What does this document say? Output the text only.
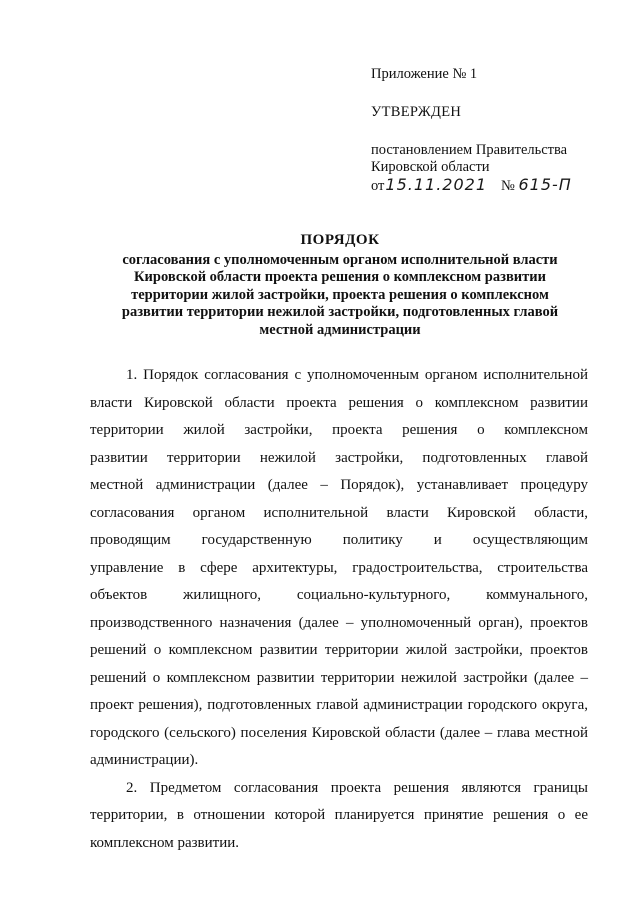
Приложение № 1

УТВЕРЖДЕН

постановлением Правительства
Кировской области
от15.11.2021 № 615-П

ПОРЯДОК
согласования с уполномоченным органом исполнительной власти
Кировской области проекта решения о комплексном развитии
территории жилой застройки, проекта решения о комплексном
развитии территории нежилой застройки, подготовленных главой
местной администрации
1. Порядок согласования с уполномоченным органом исполнительной
власти Кировской области проекта решения о комплексном развитии
территории жилой застройки, проекта решения о комплексном
развитии территории нежилой застройки, подготовленных главой
местной администрации (далее – Порядок), устанавливает процедуру
согласования органом исполнительной власти Кировской области,
проводящим государственную политику и осуществляющим
управление в сфере архитектуры, градостроительства, строительства
объектов жилищного, социально-культурного, коммунального,
производственного назначения (далее – уполномоченный орган), проектов
решений о комплексном развитии территории жилой застройки, проектов
решений о комплексном развитии территории нежилой застройки (далее –
проект решения), подготовленных главой администрации городского округа,
городского (сельского) поселения Кировской области (далее – глава местной
администрации).
2. Предметом согласования проекта решения являются границы
территории, в отношении которой планируется принятие решения о ее
комплексном развитии.
